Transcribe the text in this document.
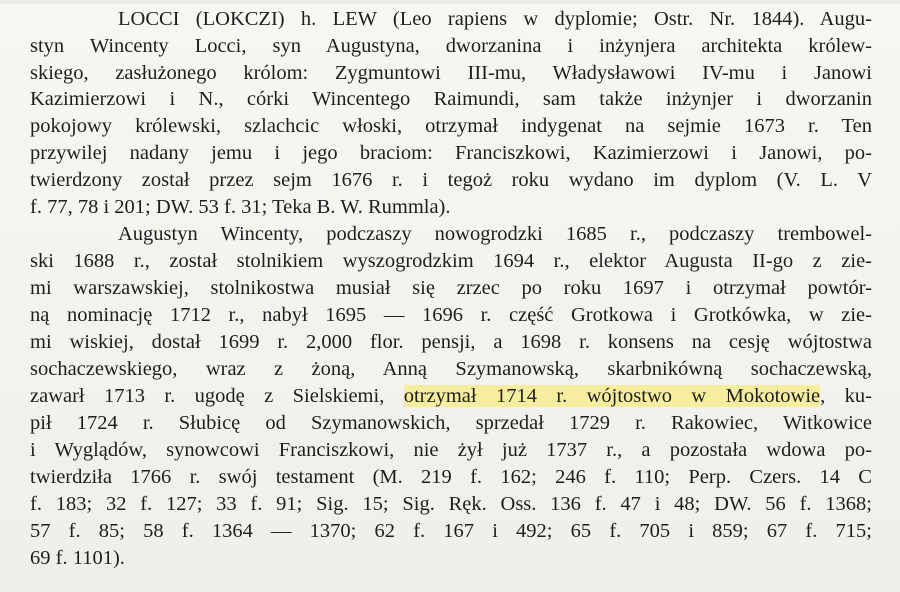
LOCCI (LOKCZI) h. LEW (Leo rapiens w dyplomie; Ostr. Nr. 1844). Augu-

styn Wincenty Locci, syn Augustyna, dworzanina i inżynjera architekta królew-

skiego, zasłużonego królom: Zygmuntowi III-mu, Władysławowi IV-mu i Janowi

Kazimierzowi i N., córki Wincentego Raimundi, sam także inżynjer i dworzanin

pokojowy królewski, szlachcic włoski, otrzymał indygenat na sejmie 1673 r. Ten

przywilej nadany jemu i jego braciom: Franciszkowi, Kazimierzowi i Janowi, po-

twierdzony został przez sejm 1676 r. i tegoż roku wydano im dyplom (V. L. V

f. 77, 78 i 201; DW. 53 f. 31; Teka B. W. Rummla).

Augustyn Wincenty, podczaszy nowogrodzki 1685 r., podczaszy trembowel-

ski 1688 r., został stolnikiem wyszogrodzkim 1694 r., elektor Augusta II-go z zie-

mi warszawskiej, stolnikostwa musiał się zrzec po roku 1697 i otrzymał powtór-

ną nominację 1712 r., nabył 1695 — 1696 r. część Grotkowa i Grotkówka, w zie-

mi wiskiej, dostał 1699 r. 2,000 flor. pensji, a 1698 r. konsens na cesję wójtostwa

sochaczewskiego, wraz z żoną, Anną Szymanowską, skarbnikówną sochaczewską,

zawarł 1713 r. ugodę z Sielskiemi, otrzymał 1714 r. wójtostwo w Mokotowie, ku-

pił 1724 r. Słubicę od Szymanowskich, sprzedał 1729 r. Rakowiec, Witkowice

i Wyglądów, synowcowi Franciszkowi, nie żył już 1737 r., a pozostała wdowa po-

twierdziła 1766 r. swój testament (M. 219 f. 162; 246 f. 110; Perp. Czers. 14 C

f. 183; 32 f. 127; 33 f. 91; Sig. 15; Sig. Ręk. Oss. 136 f. 47 i 48; DW. 56 f. 1368;

57 f. 85; 58 f. 1364 — 1370; 62 f. 167 i 492; 65 f. 705 i 859; 67 f. 715;

69 f. 1101).
